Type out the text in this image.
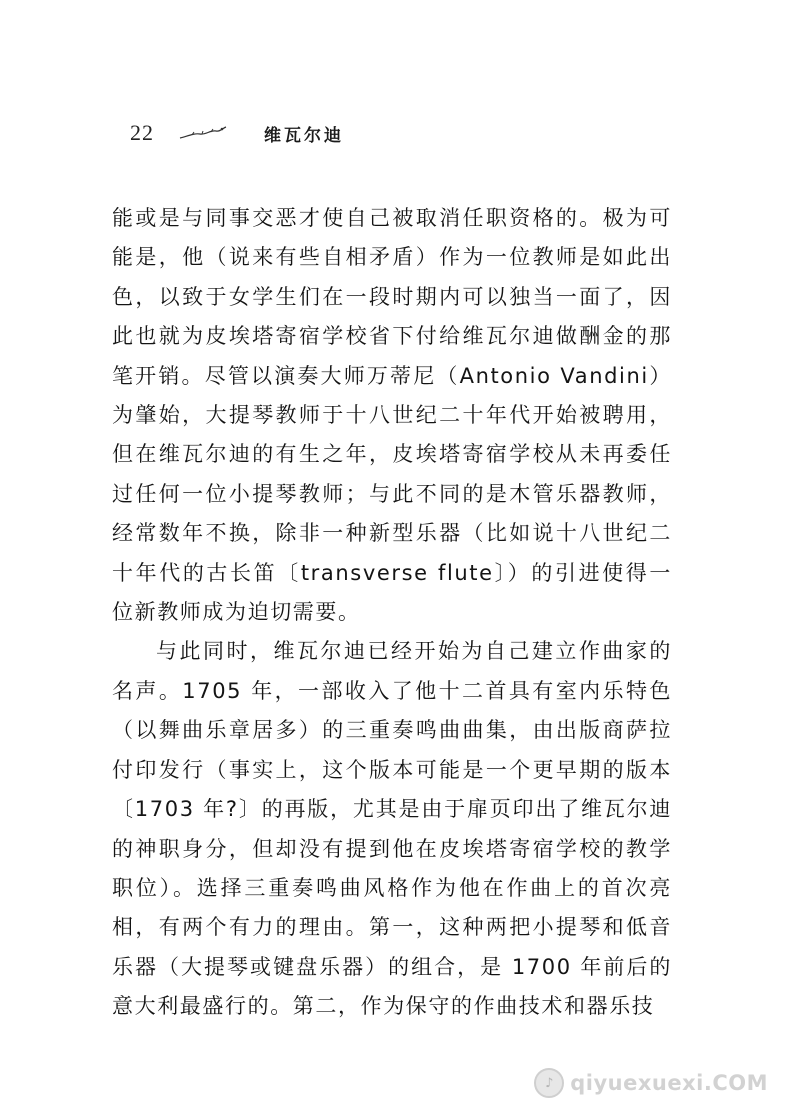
22	维瓦尔迪

能或是与同事交恶才使自己被取消任职资格的。极为可能是，他（说来有些自相矛盾）作为一位教师是如此出色，以致于女学生们在一段时期内可以独当一面了，因此也就为皮埃塔寄宿学校省下付给维瓦尔迪做酬金的那笔开销。尽管以演奏大师万蒂尼（Antonio Vandini）为肇始，大提琴教师于十八世纪二十年代开始被聘用，但在维瓦尔迪的有生之年，皮埃塔寄宿学校从未再委任过任何一位小提琴教师；与此不同的是木管乐器教师，经常数年不换，除非一种新型乐器（比如说十八世纪二十年代的古长笛〔transverse flute〕）的引进使得一位新教师成为迫切需要。

与此同时，维瓦尔迪已经开始为自己建立作曲家的名声。1705 年，一部收入了他十二首具有室内乐特色（以舞曲乐章居多）的三重奏鸣曲曲集，由出版商萨拉付印发行（事实上，这个版本可能是一个更早期的版本〔1703 年?〕的再版，尤其是由于扉页印出了维瓦尔迪的神职身分，但却没有提到他在皮埃塔寄宿学校的教学职位）。选择三重奏鸣曲风格作为他在作曲上的首次亮相，有两个有力的理由。第一，这种两把小提琴和低音乐器（大提琴或键盘乐器）的组合，是 1700 年前后的意大利最盛行的。第二，作为保守的作曲技术和器乐技

♪ qiyuexuexi.COM
